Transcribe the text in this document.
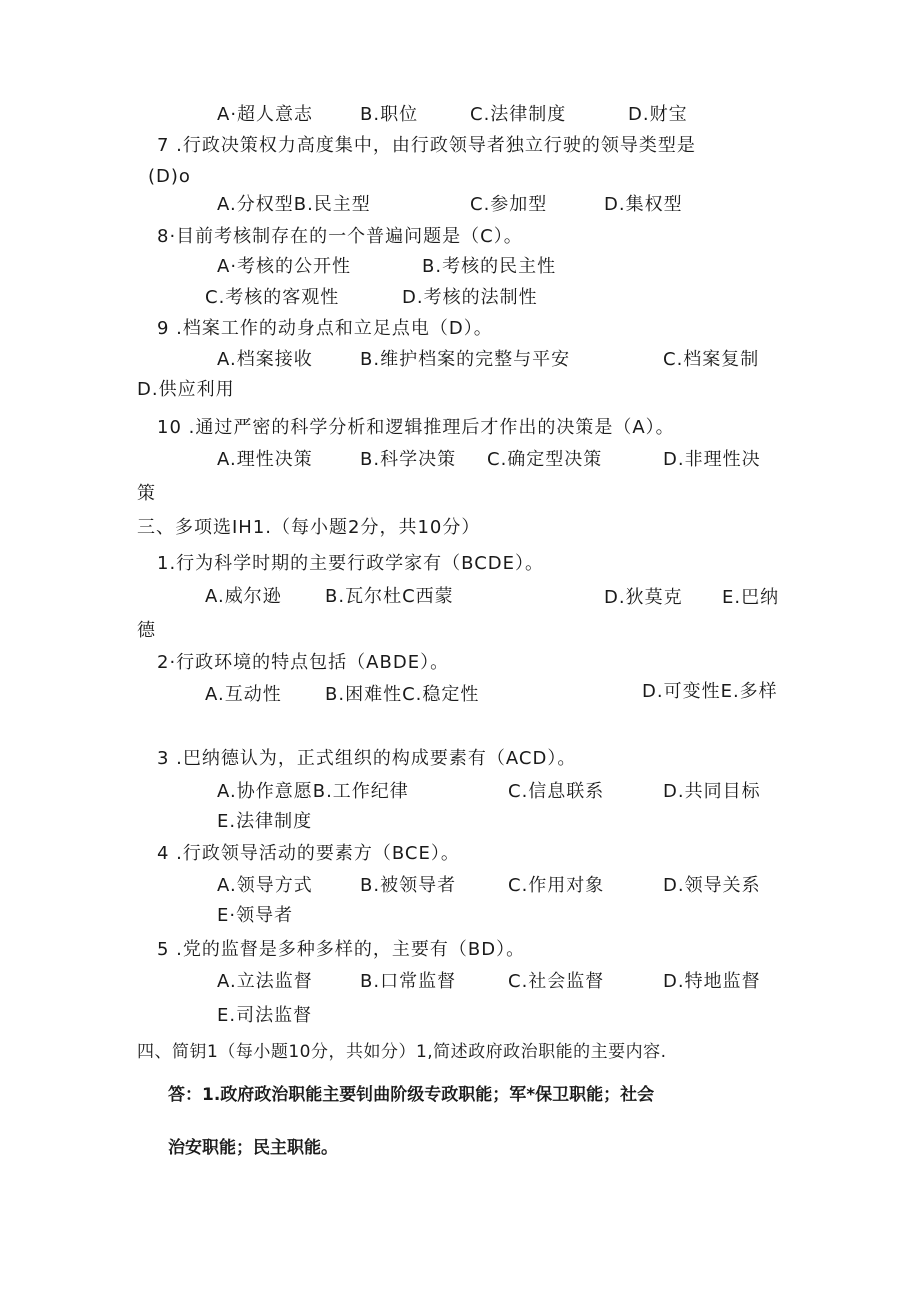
A·超人意志	B.职位	C.法律制度	D.财宝
7 .行政决策权力高度集中，由行政领导者独立行驶的领导类型是
(D)o
A.分权型B.民主型	C.参加型	D.集权型
8·目前考核制存在的一个普遍问题是（C）。
A·考核的公开性	B.考核的民主性
C.考核的客观性	D.考核的法制性
9 .档案工作的动身点和立足点电（D）。
A.档案接收	B.维护档案的完整与平安	C.档案复制
D.供应利用
10 .通过严密的科学分析和逻辑推理后才作出的决策是（A）。
A.理性决策	B.科学决策 C.确定型决策	D.非理性决
策
三、多项选IH1.（每小题2分，共10分）
1.行为科学时期的主要行政学家有（BCDE）。
A.威尔逊 B.瓦尔杜C西蒙	D.狄莫克 E.巴纳
德
2·行政环境的特点包括（ABDE）。
A.互动性 B.困难性C.稳定性	D.可变性E.多样
3 .巴纳德认为，正式组织的构成要素有（ACD）。
A.协作意愿B.工作纪律	C.信息联系	D.共同目标
E.法律制度
4 .行政领导活动的要素方（BCE）。
A.领导方式	B.被领导者	C.作用对象	D.领导关系
E·领导者
5 .党的监督是多种多样的，主要有（BD）。
A.立法监督	B.口常监督	C.社会监督	D.特地监督
E.司法监督
四、简钥1（每小题10分，共如分）1,简述政府政治职能的主要内容.
答：1.政府政治职能主要钊曲阶级专政职能；军*保卫职能；社会
治安职能；民主职能。
